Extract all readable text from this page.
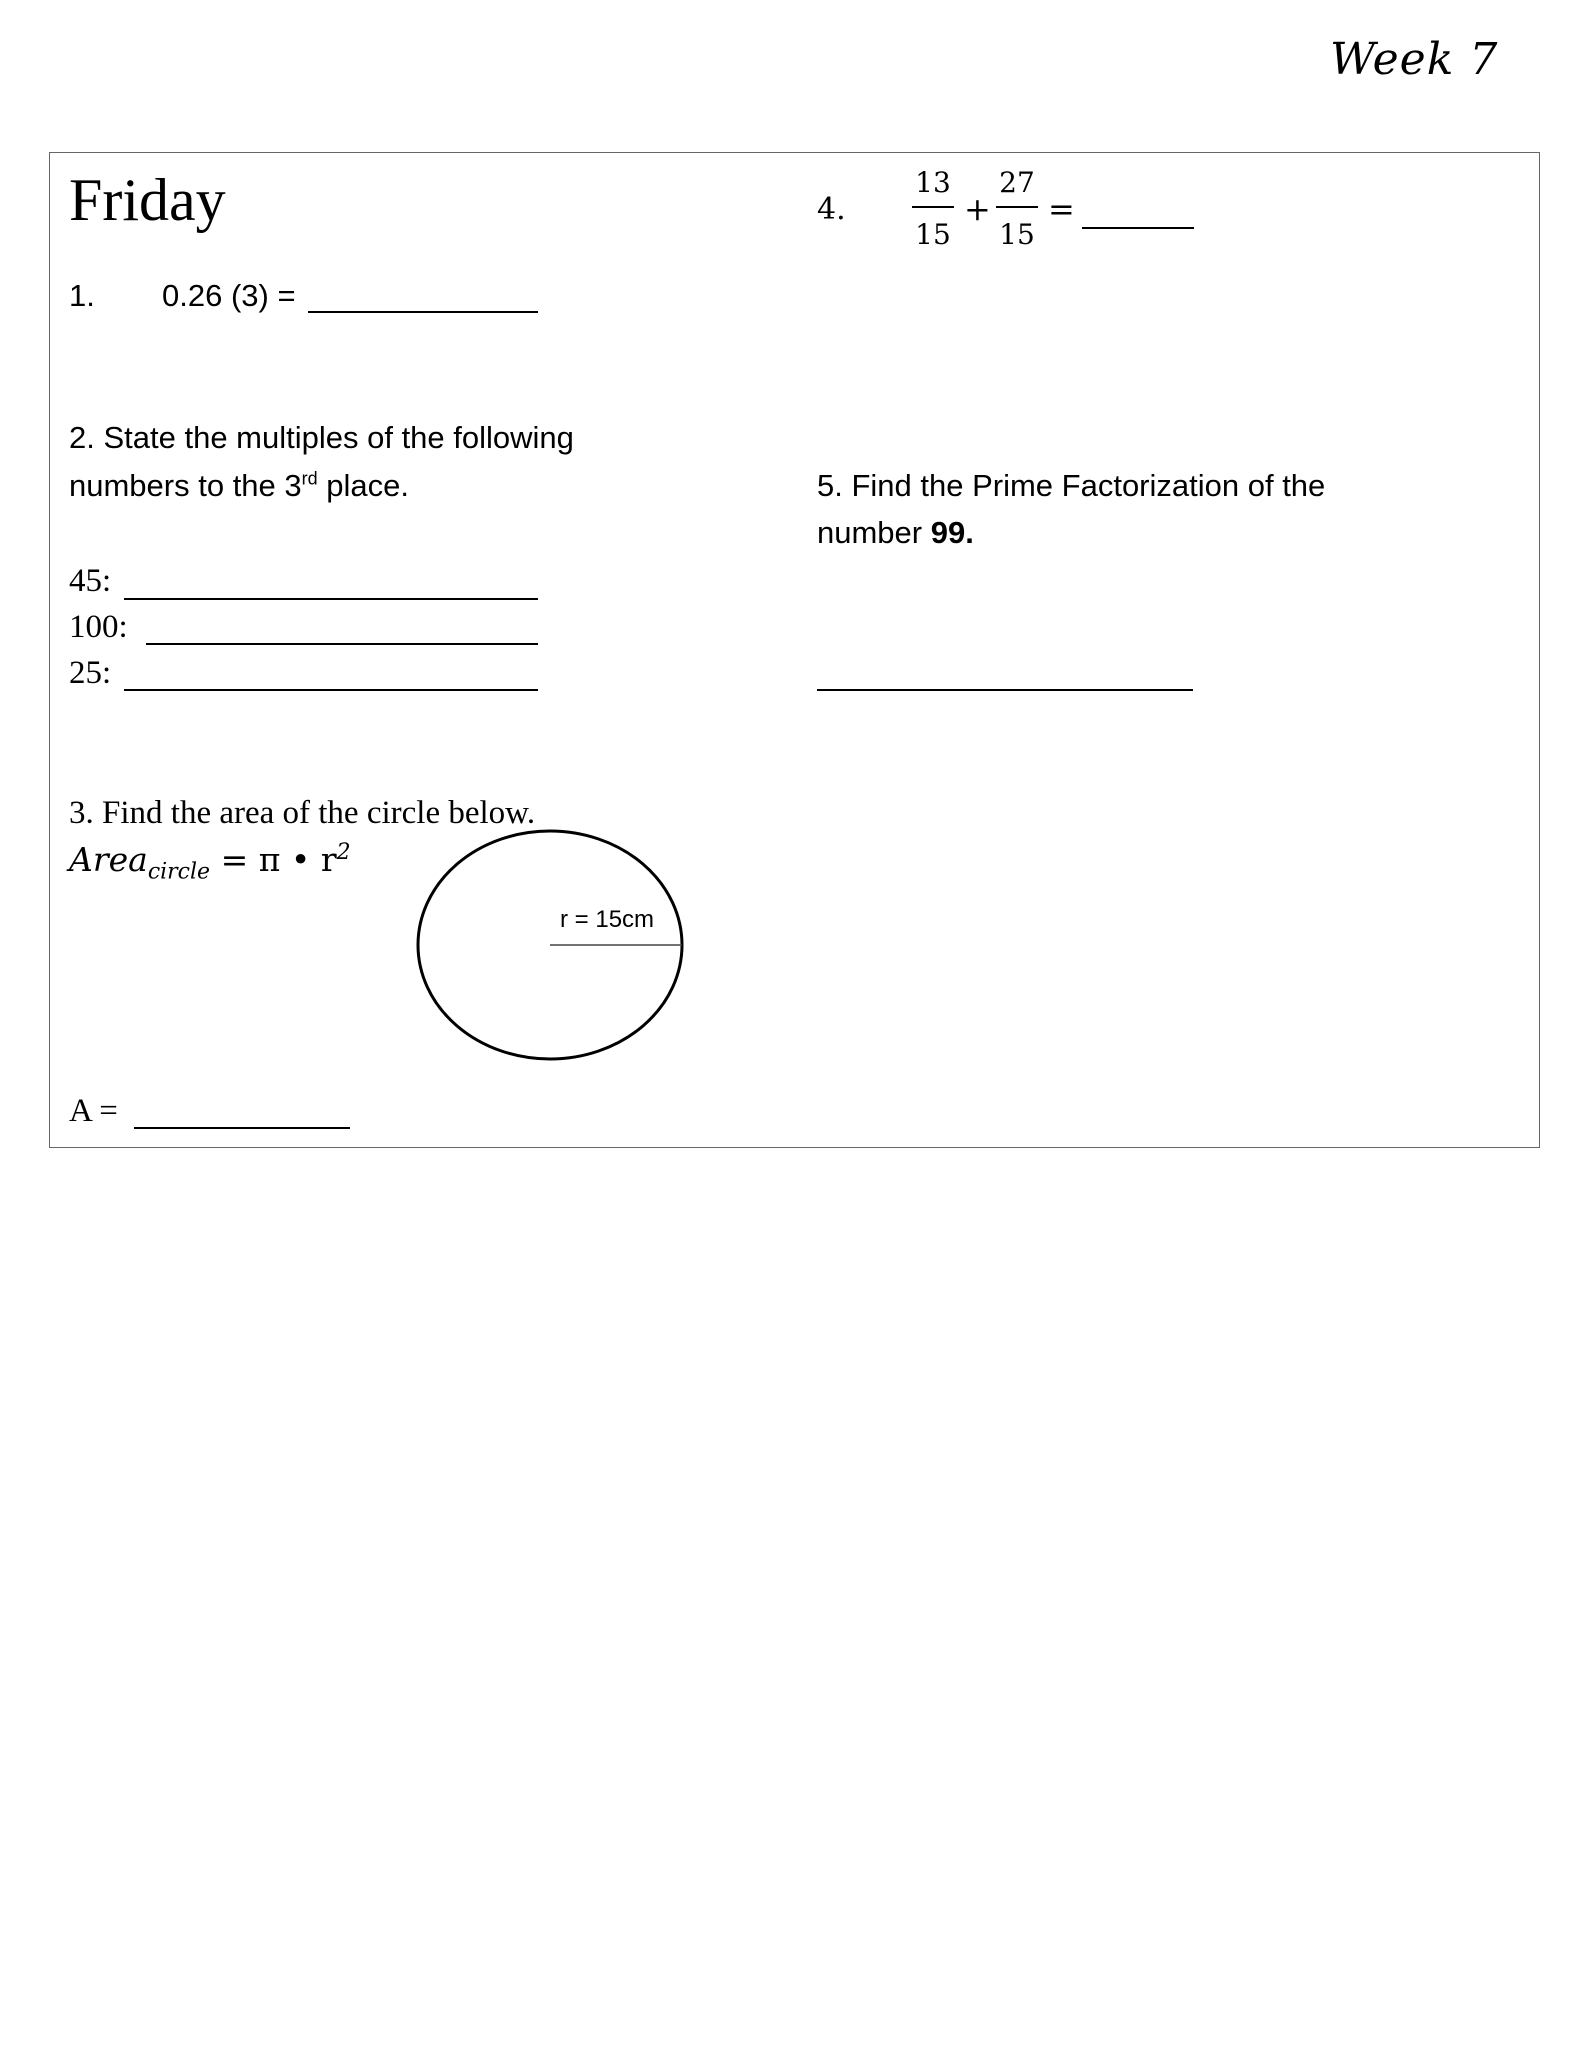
Week 7
Friday
1. 0.26 (3) =
2. State the multiples of the following
numbers to the 3rd place.
45:
100:
25:
3. Find the area of the circle below.
Area$_{circle}$ = π • $r^2$
r = 15cm
A =
4.
13
15
+
27
15
=
5. Find the Prime Factorization of the
number 99.
